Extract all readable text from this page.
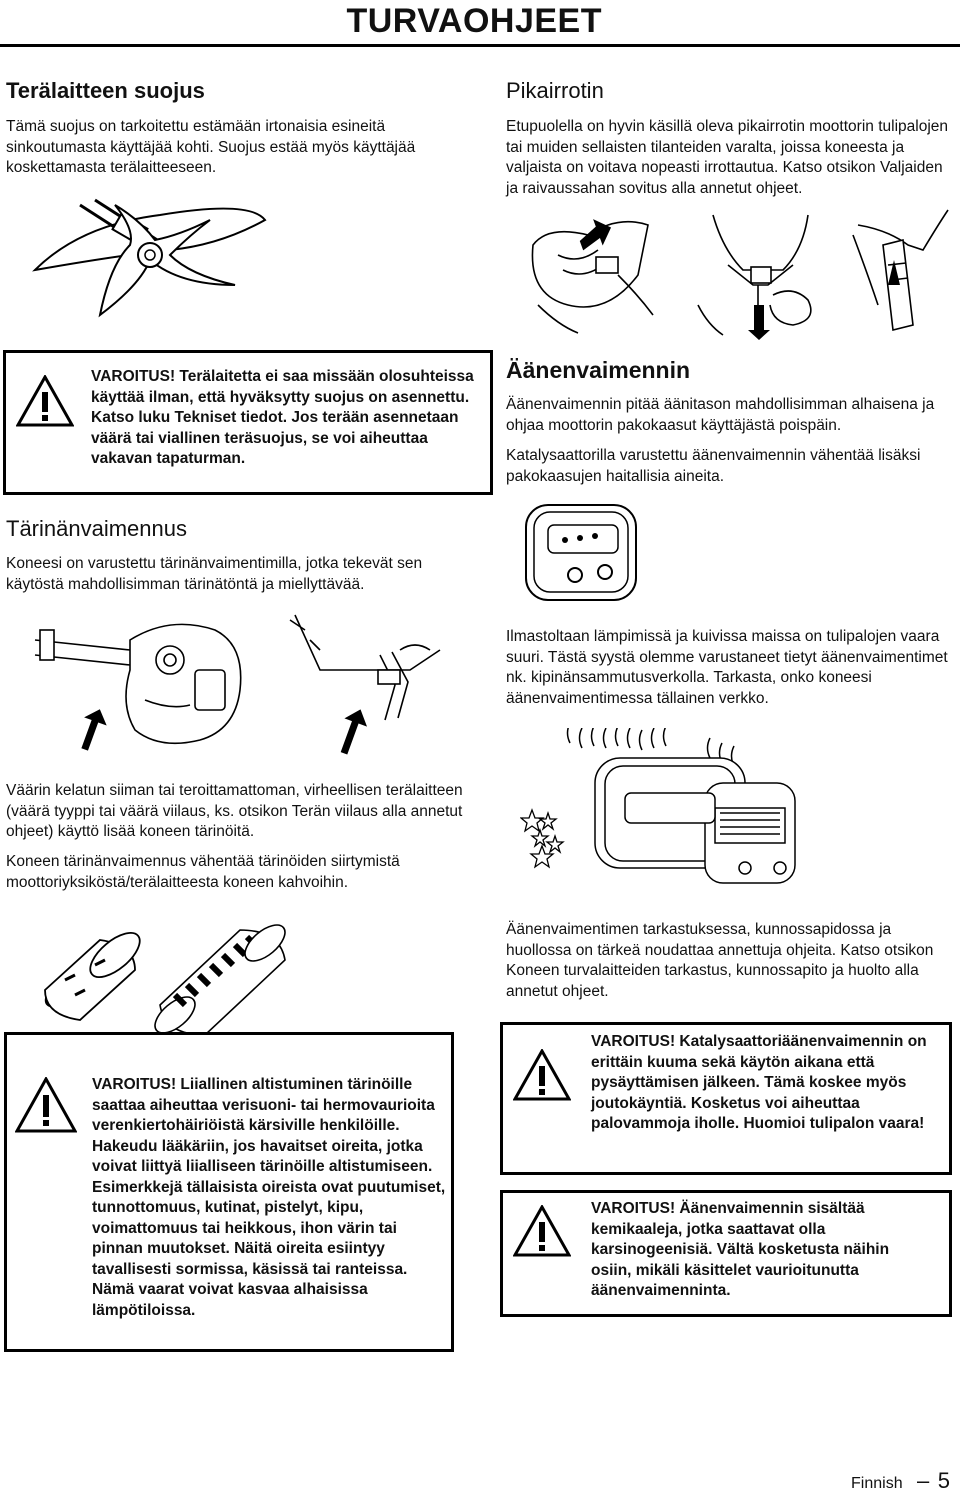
TURVAOHJEET
Terälaitteen suojus

Tämä suojus on tarkoitettu estämään irtonaisia esineitä sinkoutumasta käyttäjää kohti. Suojus estää myös käyttäjää koskettamasta terälaitteeseen.

Pikairrotin

Etupuolella on hyvin käsillä oleva pikairrotin moottorin tulipalojen tai muiden sellaisten tilanteiden varalta, joissa koneesta ja valjaista on voitava nopeasti irrottautua. Katso otsikon Valjaiden ja raivaussahan sovitus alla annetut ohjeet.

VAROITUS! Terälaitetta ei saa missään olosuhteissa käyttää ilman, että hyväksytty suojus on asennettu. Katso luku Tekniset tiedot. Jos terään asennetaan väärä tai viallinen teräsuojus, se voi aiheuttaa vakavan tapaturman.
Äänenvaimennin

Äänenvaimennin pitää äänitason mahdollisimman alhaisena ja ohjaa moottorin pakokaasut käyttäjästä poispäin.

Katalysaattorilla varustettu äänenvaimennin vähentää lisäksi pakokaasujen haitallisia aineita.

Tärinänvaimennus

Koneesi on varustettu tärinänvaimentimilla, jotka tekevät sen käytöstä mahdollisimman tärinätöntä ja miellyttävää.

Ilmastoltaan lämpimissä ja kuivissa maissa on tulipalojen vaara suuri. Tästä syystä olemme varustaneet tietyt äänenvaimentimet nk. kipinänsammutusverkolla. Tarkasta, onko koneesi äänenvaimentimessa tällainen verkko.

Väärin kelatun siiman tai teroittamattoman, virheellisen terälaitteen (väärä tyyppi tai väärä viilaus, ks. otsikon Terän viilaus alla annetut ohjeet) käyttö lisää koneen tärinöitä.

Koneen tärinänvaimennus vähentää tärinöiden siirtymistä moottoriyksiköstä/terälaitteesta koneen kahvoihin.

Äänenvaimentimen tarkastuksessa, kunnossapidossa ja huollossa on tärkeä noudattaa annettuja ohjeita. Katso otsikon Koneen turvalaitteiden tarkastus, kunnossapito ja huolto alla annetut ohjeet.

VAROITUS! Liiallinen altistuminen tärinöille saattaa aiheuttaa verisuoni- tai hermovaurioita verenkiertohäiriöistä kärsiville henkilöille. Hakeudu lääkäriin, jos havaitset oireita, jotka voivat liittyä liialliseen tärinöille altistumiseen. Esimerkkejä tällaisista oireista ovat puutumiset, tunnottomuus, kutinat, pistelyt, kipu, voimattomuus tai heikkous, ihon värin tai pinnan muutokset. Näitä oireita esiintyy tavallisesti sormissa, käsissä tai ranteissa. Nämä vaarat voivat kasvaa alhaisissa lämpötiloissa.
VAROITUS! Katalysaattoriäänenvaimennin on erittäin kuuma sekä käytön aikana että pysäyttämisen jälkeen. Tämä koskee myös joutokäyntiä. Kosketus voi aiheuttaa palovammoja iholle. Huomioi tulipalon vaara!
VAROITUS! Äänenvaimennin sisältää kemikaaleja, jotka saattavat olla karsinogeenisiä. Vältä kosketusta näihin osiin, mikäli käsittelet vaurioitunutta äänenvaimenninta.
Finnish – 5
